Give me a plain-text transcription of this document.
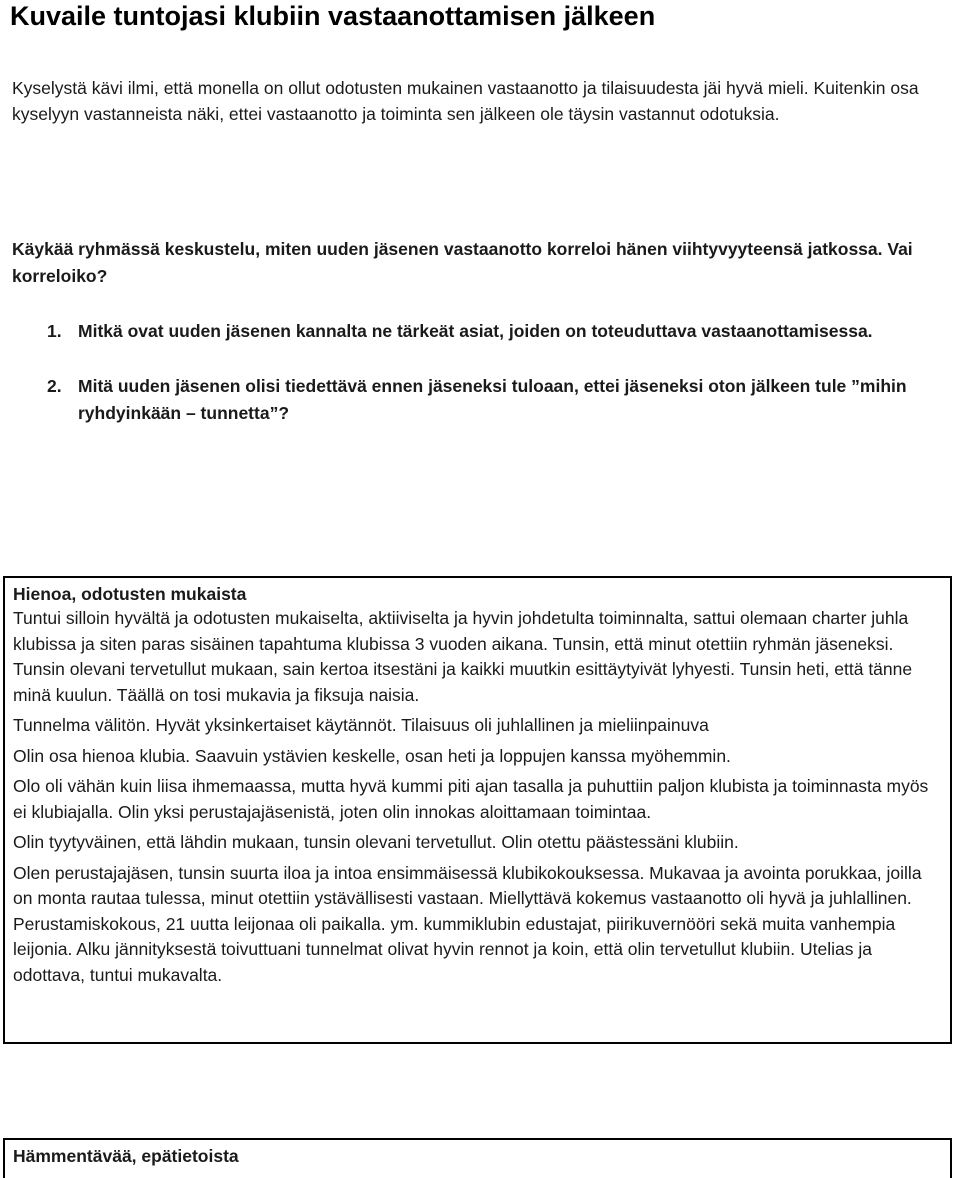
Kuvaile tuntojasi klubiin vastaanottamisen jälkeen

Kyselystä kävi ilmi, että monella on ollut odotusten mukainen vastaanotto ja tilaisuudesta jäi hyvä mieli. Kuitenkin osa kyselyyn vastanneista näki, ettei vastaanotto ja toiminta sen jälkeen ole täysin vastannut odotuksia.

Käykää ryhmässä keskustelu, miten uuden jäsenen vastaanotto korreloi hänen viihtyvyyteensä jatkossa. Vai korreloiko?

1. Mitkä ovat uuden jäsenen kannalta ne tärkeät asiat, joiden on toteuduttava vastaanottamisessa.
2. Mitä uuden jäsenen olisi tiedettävä ennen jäseneksi tuloaan, ettei jäseneksi oton jälkeen tule ”mihin ryhdyinkään – tunnetta”?

Hienoa, odotusten mukaista

Tuntui silloin hyvältä ja odotusten mukaiselta, aktiiviselta ja hyvin johdetulta toiminnalta, sattui olemaan charter juhla klubissa ja siten paras sisäinen tapahtuma klubissa 3 vuoden aikana. Tunsin, että minut otettiin ryhmän jäseneksi. Tunsin olevani tervetullut mukaan, sain kertoa itsestäni ja kaikki muutkin esittäytyivät lyhyesti. Tunsin heti, että tänne minä kuulun. Täällä on tosi mukavia ja fiksuja naisia.

Tunnelma välitön. Hyvät yksinkertaiset käytännöt. Tilaisuus oli juhlallinen ja mieliinpainuva

Olin osa hienoa klubia. Saavuin ystävien keskelle, osan heti ja loppujen kanssa myöhemmin.

Olo oli vähän kuin liisa ihmemaassa, mutta hyvä kummi piti ajan tasalla ja puhuttiin paljon klubista ja toiminnasta myös ei klubiajalla. Olin yksi perustajajäsenistä, joten olin innokas aloittamaan toimintaa.

Olin tyytyväinen, että lähdin mukaan, tunsin olevani tervetullut. Olin otettu päästessäni klubiin.

Olen perustajajäsen, tunsin suurta iloa ja intoa ensimmäisessä klubikokouksessa. Mukavaa ja avointa porukkaa, joilla on monta rautaa tulessa, minut otettiin ystävällisesti vastaan. Miellyttävä kokemus vastaanotto oli hyvä ja juhlallinen. Perustamiskokous, 21 uutta leijonaa oli paikalla. ym. kummiklubin edustajat, piirikuvernööri sekä muita vanhempia leijonia. Alku jännityksestä toivuttuani tunnelmat olivat hyvin rennot ja koin, että olin tervetullut klubiin. Utelias ja odottava, tuntui mukavalta.

Hämmentävää, epätietoista
